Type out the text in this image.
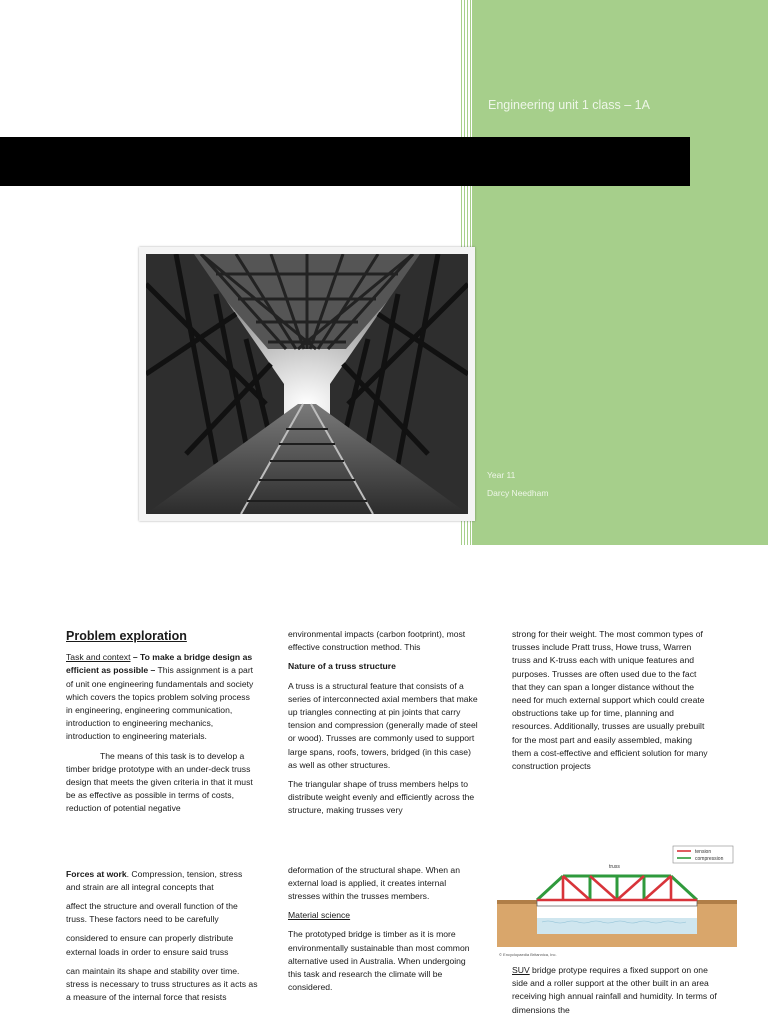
Engineering unit 1 class – 1A
Year 11
Darcy Needham
Problem exploration

Task and context – To make a bridge design as efficient as possible – This assignment is a part of unit one engineering fundamentals and society which covers the topics problem solving process in engineering, engineering communication, introduction to engineering mechanics, introduction to engineering materials.

The means of this task is to develop a timber bridge prototype with an under-deck truss design that meets the given criteria in that it must be as effective as possible in terms of costs, reduction of potential negative

Forces at work. Compression, tension, stress and strain are all integral concepts that

affect the structure and overall function of the truss. These factors need to be carefully

considered to ensure can properly distribute external loads in order to ensure said truss

can maintain its shape and stability over time. stress is necessary to truss structures as it acts as a measure of the internal force that resists

environmental impacts (carbon footprint), most effective construction method. This

Nature of a truss structure

A truss is a structural feature that consists of a series of interconnected axial members that make up triangles connecting at pin joints that carry tension and compression (generally made of steel or wood). Trusses are commonly used to support large spans, roofs, towers, bridged (in this case) as well as other structures.

The triangular shape of truss members helps to distribute weight evenly and efficiently across the structure, making trusses very

deformation of the structural shape. When an external load is applied, it creates internal stresses within the trusses members.

Material science

The prototyped bridge is timber as it is more environmentally sustainable than most common alternative used in Australia. When undergoing this task and research the climate will be considered.

strong for their weight. The most common types of trusses include Pratt truss, Howe truss, Warren truss and K-truss each with unique features and purposes. Trusses are often used due to the fact that they can span a longer distance without the need for much external support which could create obstructions take up for time, planning and resources. Additionally, trusses are usually prebuilt for the most part and easily assembled, making them a cost-effective and efficient solution for many construction projects

tension
compression
truss
© Encyclopaedia Britannica, Inc.
SUV bridge protype requires a fixed support on one side and a roller support at the other built in an area receiving high annual rainfall and humidity. In terms of dimensions the
